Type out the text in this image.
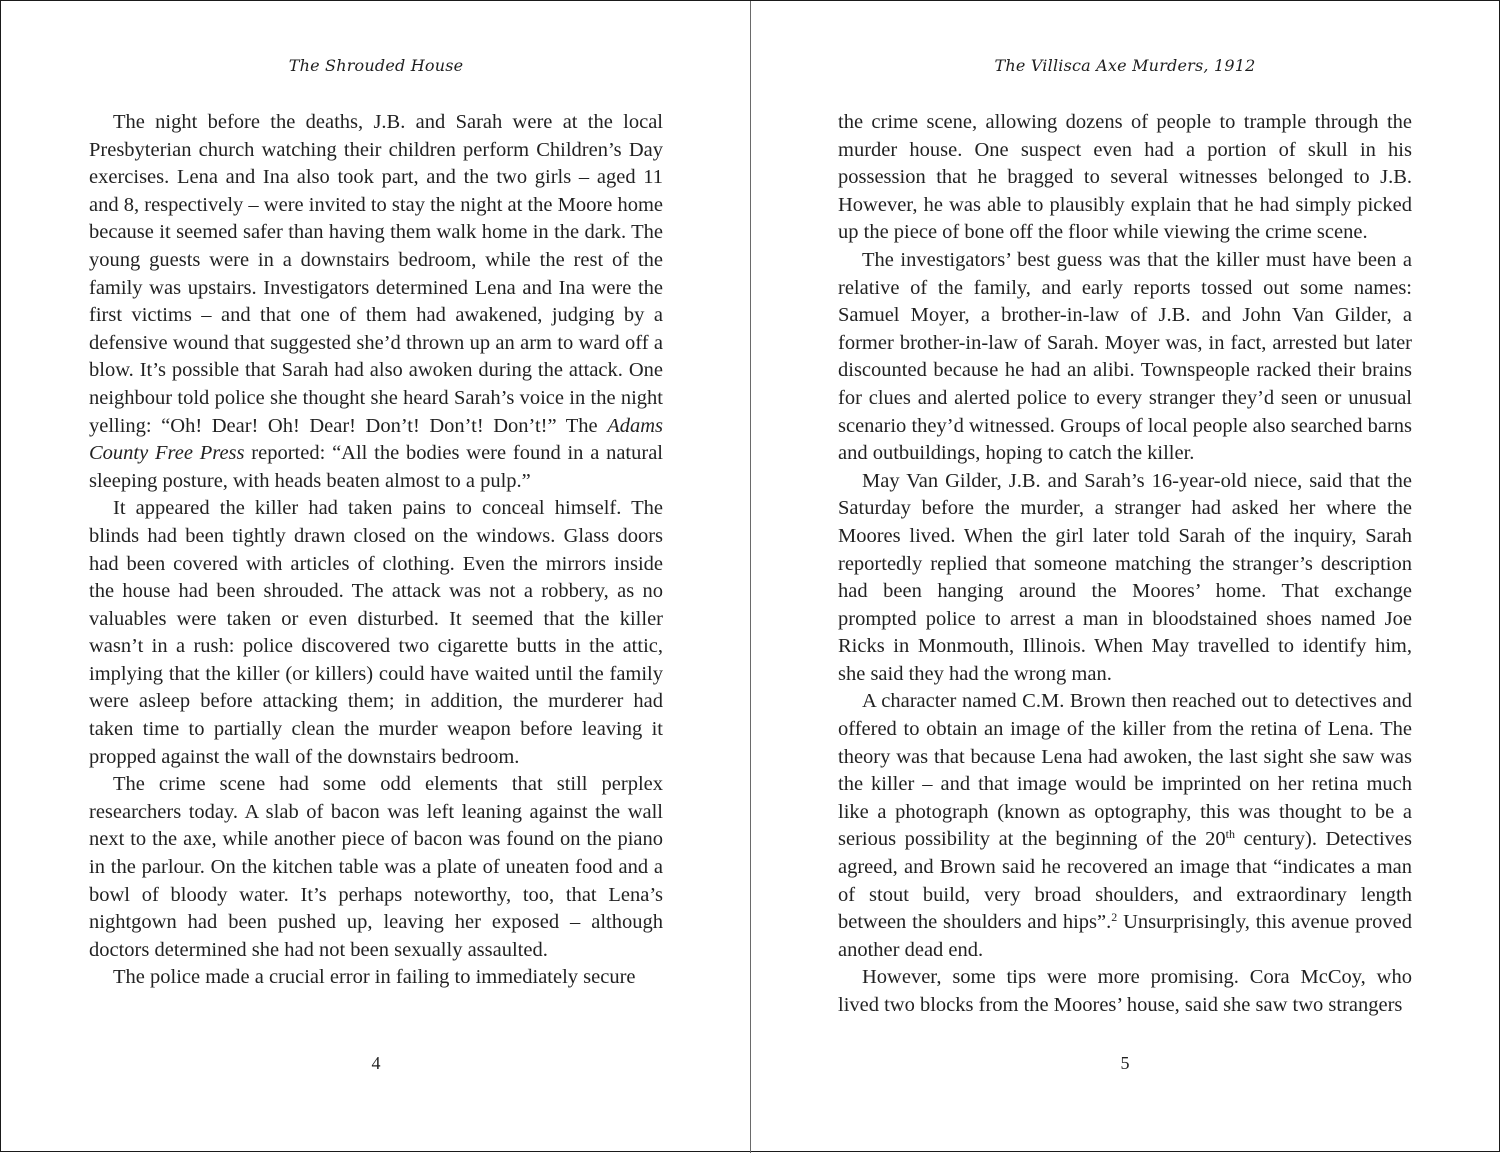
The Shrouded House

The night before the deaths, J.B. and Sarah were at the local Presbyterian church watching their children perform Children’s Day exercises. Lena and Ina also took part, and the two girls – aged 11 and 8, respectively – were invited to stay the night at the Moore home because it seemed safer than having them walk home in the dark. The young guests were in a downstairs bedroom, while the rest of the family was upstairs. Investigators determined Lena and Ina were the first victims – and that one of them had awakened, judging by a defensive wound that suggested she’d thrown up an arm to ward off a blow. It’s possible that Sarah had also awoken during the attack. One neighbour told police she thought she heard Sarah’s voice in the night yelling: “Oh! Dear! Oh! Dear! Don’t! Don’t! Don’t!” The Adams County Free Press reported: “All the bodies were found in a natural sleeping posture, with heads beaten almost to a pulp.”

It appeared the killer had taken pains to conceal himself. The blinds had been tightly drawn closed on the windows. Glass doors had been covered with articles of clothing. Even the mirrors inside the house had been shrouded. The attack was not a robbery, as no valuables were taken or even disturbed. It seemed that the killer wasn’t in a rush: police discovered two cigarette butts in the attic, implying that the killer (or killers) could have waited until the family were asleep before attacking them; in addition, the murderer had taken time to partially clean the murder weapon before leaving it propped against the wall of the downstairs bedroom.

The crime scene had some odd elements that still perplex researchers today. A slab of bacon was left leaning against the wall next to the axe, while another piece of bacon was found on the piano in the parlour. On the kitchen table was a plate of uneaten food and a bowl of bloody water. It’s perhaps noteworthy, too, that Lena’s nightgown had been pushed up, leaving her exposed – although doctors determined she had not been sexually assaulted.

The police made a crucial error in failing to immediately secure

4
The Villisca Axe Murders, 1912

the crime scene, allowing dozens of people to trample through the murder house. One suspect even had a portion of skull in his possession that he bragged to several witnesses belonged to J.B. However, he was able to plausibly explain that he had simply picked up the piece of bone off the floor while viewing the crime scene.

The investigators’ best guess was that the killer must have been a relative of the family, and early reports tossed out some names: Samuel Moyer, a brother-in-law of J.B. and John Van Gilder, a former brother-in-law of Sarah. Moyer was, in fact, arrested but later discounted because he had an alibi. Townspeople racked their brains for clues and alerted police to every stranger they’d seen or unusual scenario they’d witnessed. Groups of local people also searched barns and outbuildings, hoping to catch the killer.

May Van Gilder, J.B. and Sarah’s 16-year-old niece, said that the Saturday before the murder, a stranger had asked her where the Moores lived. When the girl later told Sarah of the inquiry, Sarah reportedly replied that someone matching the stranger’s description had been hanging around the Moores’ home. That exchange prompted police to arrest a man in bloodstained shoes named Joe Ricks in Monmouth, Illinois. When May travelled to identify him, she said they had the wrong man.

A character named C.M. Brown then reached out to detectives and offered to obtain an image of the killer from the retina of Lena. The theory was that because Lena had awoken, the last sight she saw was the killer – and that image would be imprinted on her retina much like a photograph (known as optography, this was thought to be a serious possibility at the beginning of the 20th century). Detectives agreed, and Brown said he recovered an image that “indicates a man of stout build, very broad shoulders, and extraordinary length between the shoulders and hips”.$^2$ Unsurprisingly, this avenue proved another dead end.

However, some tips were more promising. Cora McCoy, who lived two blocks from the Moores’ house, said she saw two strangers

5
